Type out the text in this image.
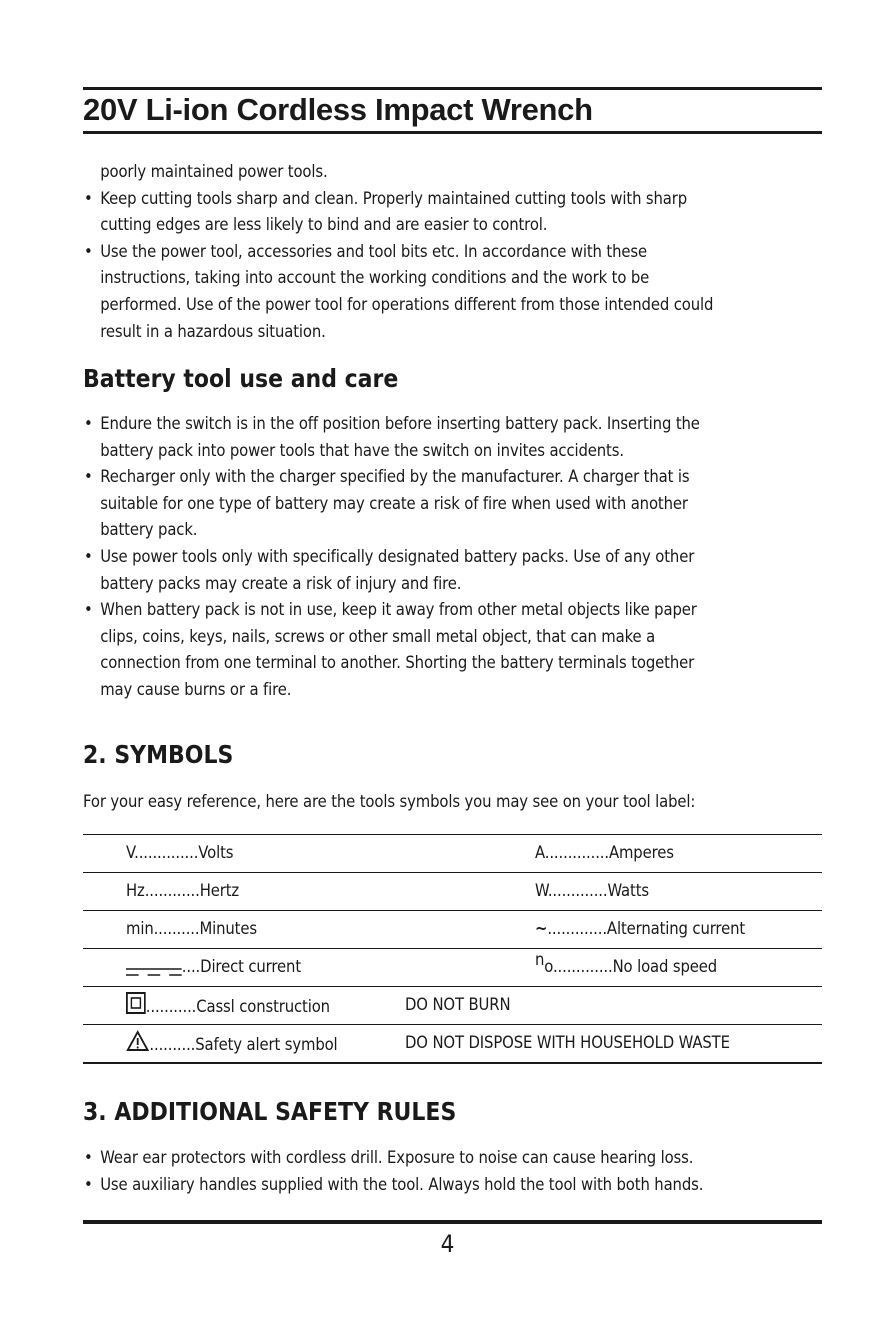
20V Li-ion Cordless Impact Wrench
poorly maintained power tools.
• Keep cutting tools sharp and clean. Properly maintained cutting tools with sharp
cutting edges are less likely to bind and are easier to control.
• Use the power tool, accessories and tool bits etc. In accordance with these
instructions, taking into account the working conditions and the work to be
performed. Use of the power tool for operations different from those intended could
result in a hazardous situation.
Battery tool use and care
• Endure the switch is in the off position before inserting battery pack. Inserting the
battery pack into power tools that have the switch on invites accidents.
• Recharger only with the charger specified by the manufacturer. A charger that is
suitable for one type of battery may create a risk of fire when used with another
battery pack.
• Use power tools only with specifically designated battery packs. Use of any other
battery packs may create a risk of injury and fire.
• When battery pack is not in use, keep it away from other metal objects like paper
clips, coins, keys, nails, screws or other small metal object, that can make a
connection from one terminal to another. Shorting the battery terminals together
may cause burns or a fire.
2. SYMBOLS
For your easy reference, here are the tools symbols you may see on your tool label:
V..............Volts	A..............Amperes
Hz............Hertz	W.............Watts
min..........Minutes	~.............Alternating current
....Direct current	no.............No load speed
...........Cassl construction	DO NOT BURN
..........Safety alert symbol	DO NOT DISPOSE WITH HOUSEHOLD WASTE
3. ADDITIONAL SAFETY RULES
• Wear ear protectors with cordless drill. Exposure to noise can cause hearing loss.
• Use auxiliary handles supplied with the tool. Always hold the tool with both hands.
4
